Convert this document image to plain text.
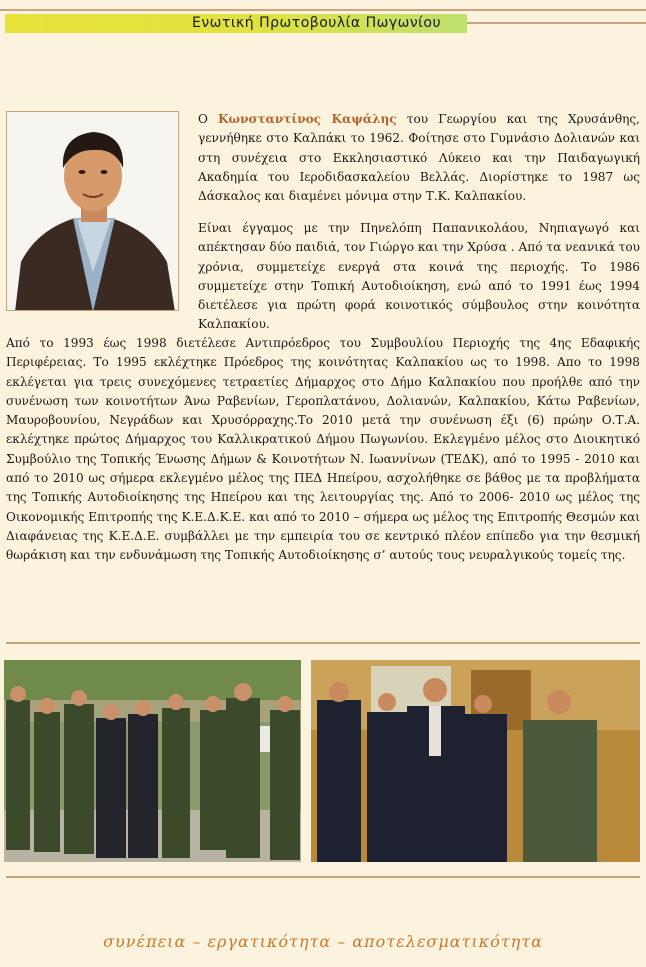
Ενωτική Πρωτοβουλία Πωγωνίου
Ο Κωνσταντίνος Καψάλης του Γεωργίου και της Χρυσάνθης, γεννήθηκε στο Καλπάκι το 1962. Φοίτησε στο Γυμνάσιο Δολιανών και στη συνέχεια στο Εκκλησιαστικό Λύκειο και την Παιδαγωγική Ακαδημία του Ιεροδιδασκαλείου Βελλάς. Διορίστηκε το 1987 ως Δάσκαλος και διαμένει μόνιμα στην Τ.Κ. Καλπακίου.
Είναι έγγαμος με την Πηνελόπη Παπανικολάου, Νηπιαγωγό και απέκτησαν δύο παιδιά, τον Γιώργο και την Χρύσα . Από τα νεανικά του χρόνια, συμμετείχε ενεργά στα κοινά της περιοχής. Το 1986 συμμετείχε στην Τοπική Αυτοδιοίκηση, ενώ από το 1991 έως 1994 διετέλεσε για πρώτη φορά κοινοτικός σύμβουλος στην κοινότητα Καλπακίου.
Από το 1993 έως 1998 διετέλεσε Αντιπρόεδρος του Συμβουλίου Περιοχής της 4ης Εδαφικής Περιφέρειας. Το 1995 εκλέχτηκε Πρόεδρος της κοινότητας Καλπακίου ως το 1998. Απο το 1998 εκλέγεται για τρεις συνεχόμενες τετραετίες Δήμαρχος στο Δήμο Καλπακίου που προήλθε από την συνένωση των κοινοτήτων Άνω Ραβενίων, Γεροπλατάνου, Δολιανών, Καλπακίου, Κάτω Ραβενίων, Μαυροβουνίου, Νεγράδων και Χρυσόρραχης.Το 2010 μετά την συνένωση έξι (6) πρώην Ο.Τ.Α. εκλέχτηκε πρώτος Δήμαρχος του Καλλικρατικού Δήμου Πωγωνίου. Εκλεγμένο μέλος στο Διοικητικό Συμβούλιο της Τοπικής Ένωσης Δήμων & Κοινοτήτων Ν. Ιωαννίνων (ΤΕΔΚ), από το 1995 - 2010 και από το 2010 ως σήμερα εκλεγμένο μέλος της ΠΕΔ Ηπείρου, ασχολήθηκε σε βάθος με τα προβλήματα της Τοπικής Αυτοδιοίκησης της Ηπείρου και της λειτουργίας της. Από το 2006- 2010 ως μέλος της Οικονομικής Επιτροπής της Κ.Ε.Δ.Κ.Ε. και από το 2010 – σήμερα ως μέλος της Επιτροπής Θεσμών και Διαφάνειας της Κ.Ε.Δ.Ε. συμβάλλει με την εμπειρία του σε κεντρικό πλέον επίπεδο για την θεσμική θωράκιση και την ενδυνάμωση της Τοπικής Αυτοδιοίκησης σ’ αυτούς τους νευραλγικούς τομείς της.
συνέπεια – εργατικότητα – αποτελεσματικότητα
